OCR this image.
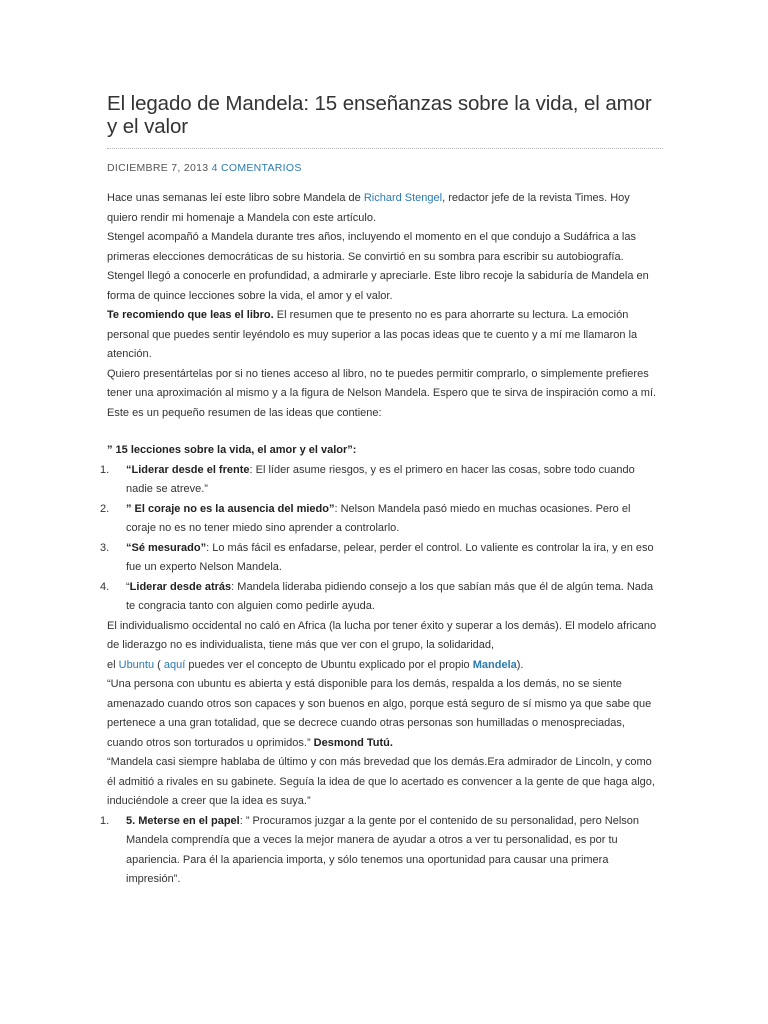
El legado de Mandela: 15 enseñanzas sobre la vida, el amor y el valor
DICIEMBRE 7, 2013 4 COMENTARIOS

Hace unas semanas leí este libro sobre Mandela de Richard Stengel, redactor jefe de la revista Times. Hoy quiero rendir mi homenaje a Mandela con este artículo.

Stengel acompañó a Mandela durante tres años, incluyendo el momento en el que condujo a Sudáfrica a las primeras elecciones democráticas de su historia. Se convirtió en su sombra para escribir su autobiografía.

Stengel llegó a conocerle en profundidad, a admirarle y apreciarle. Este libro recoje la sabiduría de Mandela en forma de quince lecciones sobre la vida, el amor y el valor.

Te recomiendo que leas el libro. El resumen que te presento no es para ahorrarte su lectura. La emoción personal que puedes sentir leyéndolo es muy superior a las pocas ideas que te cuento y a mí me llamaron la atención.

Quiero presentártelas por si no tienes acceso al libro, no te puedes permitir comprarlo, o simplemente prefieres tener una aproximación al mismo y a la figura de Nelson Mandela. Espero que te sirva de inspiración como a mí.

Este es un pequeño resumen de las ideas que contiene:

” 15 lecciones sobre la vida, el amor y el valor”:

1. “Liderar desde el frente: El líder asume riesgos, y es el primero en hacer las cosas, sobre todo cuando nadie se atreve.”
2. ” El coraje no es la ausencia del miedo”: Nelson Mandela pasó miedo en muchas ocasiones. Pero el coraje no es no tener miedo sino aprender a controlarlo.
3. “Sé mesurado”: Lo más fácil es enfadarse, pelear, perder el control. Lo valiente es controlar la ira, y en eso fue un experto Nelson Mandela.
4. “Liderar desde atrás: Mandela lideraba pidiendo consejo a los que sabían más que él de algún tema. Nada te congracia tanto con alguien como pedirle ayuda.

El individualismo occidental no caló en Africa (la lucha por tener éxito y superar a los demás). El modelo africano de liderazgo no es individualista, tiene más que ver con el grupo, la solidaridad,

el Ubuntu ( aquí puedes ver el concepto de Ubuntu explicado por el propio Mandela).

“Una persona con ubuntu es abierta y está disponible para los demás, respalda a los demás, no se siente amenazado cuando otros son capaces y son buenos en algo, porque está seguro de sí mismo ya que sabe que pertenece a una gran totalidad, que se decrece cuando otras personas son humilladas o menospreciadas, cuando otros son torturados u oprimidos.” Desmond Tutú.

“Mandela casi siempre hablaba de último y con más brevedad que los demás.Era admirador de Lincoln, y como él admitió a rivales en su gabinete. Seguía la idea de que lo acertado es convencer a la gente de que haga algo, induciéndole a creer que la idea es suya.”

1. 5. Meterse en el papel: ” Procuramos juzgar a la gente por el contenido de su personalidad, pero Nelson Mandela comprendía que a veces la mejor manera de ayudar a otros a ver tu personalidad, es por tu apariencia. Para él la apariencia importa, y sólo tenemos una oportunidad para causar una primera impresión”.
